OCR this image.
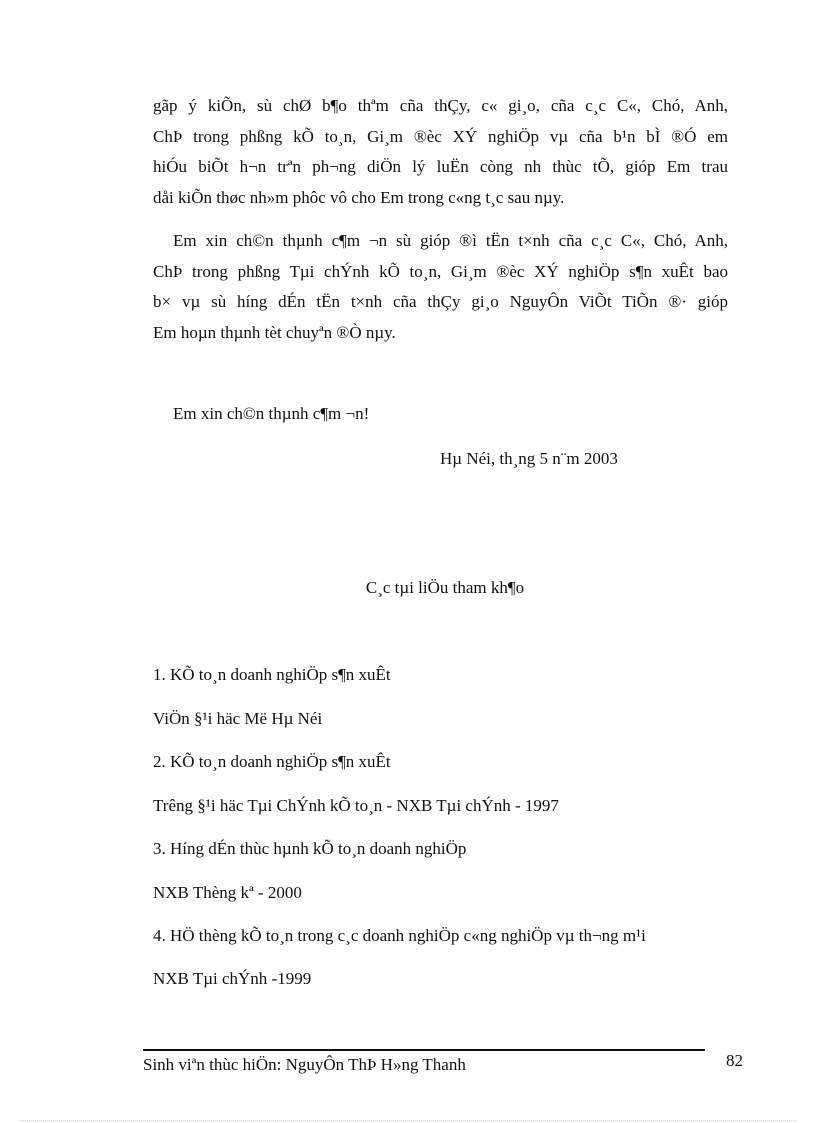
gãp ý kiÕn, sù chØ b¶o thªm cña thÇy, c« gi¸o, cña c¸c C«, Chó, Anh,
ChÞ trong phßng kÕ to¸n, Gi¸m ®èc XÝ nghiÖp vµ cña b¹n bÌ ®Ó em
hiÓu biÕt h¬n trªn ph¬ng diÖn lý luËn còng nh thùc tÕ, gióp Em trau
dåi kiÕn thøc nh»m phôc vô cho Em trong c«ng t¸c sau nµy.
Em xin ch©n thµnh c¶m ¬n sù gióp ®ì tËn t×nh cña c¸c C«, Chó, Anh,
ChÞ trong phßng Tµi chÝnh kÕ to¸n, Gi¸m ®èc XÝ nghiÖp s¶n xuÊt bao
b× vµ sù híng dÉn tËn t×nh cña thÇy gi¸o NguyÔn ViÕt TiÕn ®· gióp
Em hoµn thµnh tèt chuyªn ®Ò nµy.
Em xin ch©n thµnh c¶m ¬n!
Hµ Néi, th¸ng 5 n¨m 2003
C¸c tµi liÖu tham kh¶o
1. KÕ to¸n doanh nghiÖp s¶n xuÊt
ViÖn §¹i häc Më Hµ Néi
2. KÕ to¸n doanh nghiÖp s¶n xuÊt
Trêng §¹i häc Tµi ChÝnh kÕ to¸n - NXB Tµi chÝnh - 1997
3. Híng dÉn thùc hµnh kÕ to¸n doanh nghiÖp
NXB Thèng kª - 2000
4. HÖ thèng kÕ to¸n trong c¸c doanh nghiÖp c«ng nghiÖp vµ th¬ng m¹i
NXB Tµi chÝnh -1999
Sinh viªn thùc hiÖn: NguyÔn ThÞ H»ng Thanh	82
